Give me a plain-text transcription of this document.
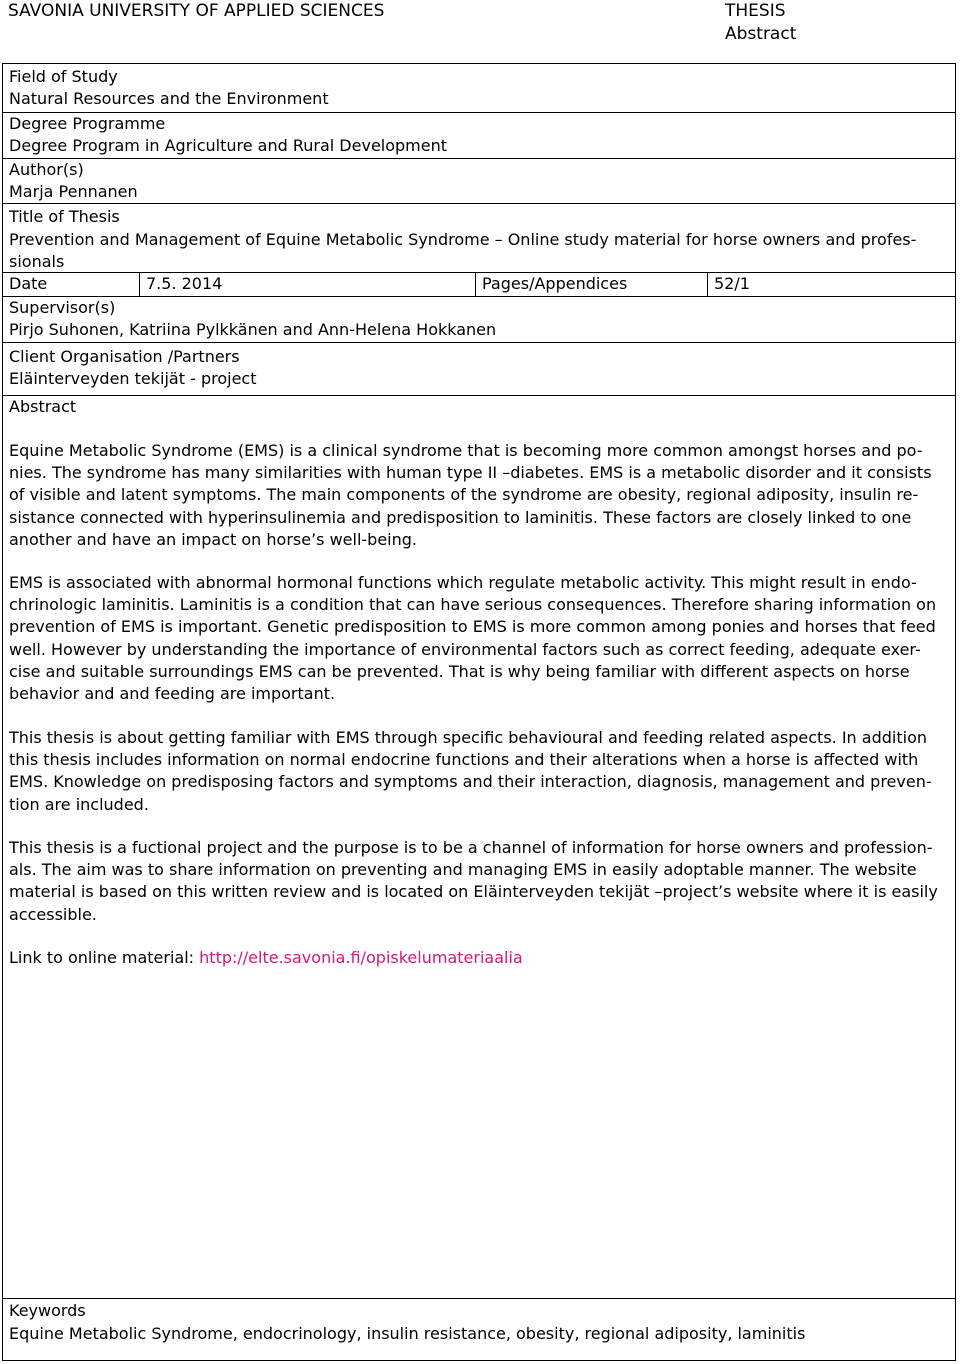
SAVONIA UNIVERSITY OF APPLIED SCIENCES	THESIS
Abstract
Field of Study
Natural Resources and the Environment
Degree Programme
Degree Program in Agriculture and Rural Development
Author(s)
Marja Pennanen
Title of Thesis
Prevention and Management of Equine Metabolic Syndrome – Online study material for horse owners and profes-
sionals
Date	7.5. 2014	Pages/Appendices	52/1
Supervisor(s)
Pirjo Suhonen, Katriina Pylkkänen and Ann-Helena Hokkanen
Client Organisation /Partners
Eläinterveyden tekijät - project
Abstract
Equine Metabolic Syndrome (EMS) is a clinical syndrome that is becoming more common amongst horses and po-
nies. The syndrome has many similarities with human type II –diabetes. EMS is a metabolic disorder and it consists
of visible and latent symptoms. The main components of the syndrome are obesity, regional adiposity, insulin re-
sistance connected with hyperinsulinemia and predisposition to laminitis. These factors are closely linked to one
another and have an impact on horse’s well-being.
EMS is associated with abnormal hormonal functions which regulate metabolic activity. This might result in endo-
chrinologic laminitis. Laminitis is a condition that can have serious consequences. Therefore sharing information on
prevention of EMS is important. Genetic predisposition to EMS is more common among ponies and horses that feed
well. However by understanding the importance of environmental factors such as correct feeding, adequate exer-
cise and suitable surroundings EMS can be prevented. That is why being familiar with different aspects on horse
behavior and and feeding are important.
This thesis is about getting familiar with EMS through specific behavioural and feeding related aspects. In addition
this thesis includes information on normal endocrine functions and their alterations when a horse is affected with
EMS. Knowledge on predisposing factors and symptoms and their interaction, diagnosis, management and preven-
tion are included.
This thesis is a fuctional project and the purpose is to be a channel of information for horse owners and profession-
als. The aim was to share information on preventing and managing EMS in easily adoptable manner. The website
material is based on this written review and is located on Eläinterveyden tekijät –project’s website where it is easily
accessible.
Link to online material: http://elte.savonia.fi/opiskelumateriaalia
Keywords
Equine Metabolic Syndrome, endocrinology, insulin resistance, obesity, regional adiposity, laminitis
